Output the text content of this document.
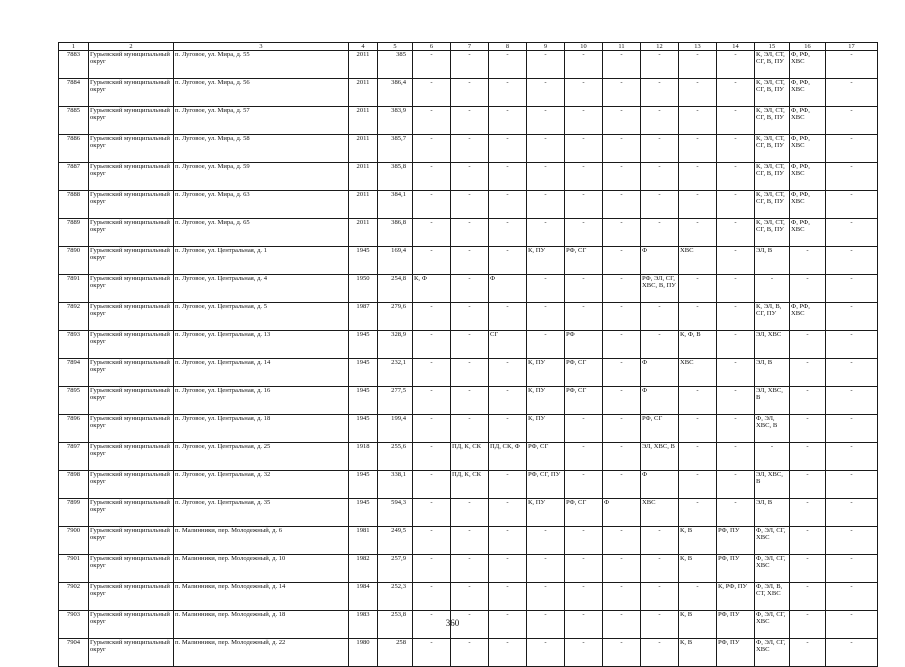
1	2	3	4	5	6	7	8	9	10	11	12	13	14	15	16	17
7883	Гурьевский муниципальный округ	п. Луговое, ул. Мира, д. 55	2011	385	-	-	-	-	-	-	-	-	-	К, ЭЛ, СТ, СГ, В, ПУ	Ф, РФ, ХВС	-
7884	Гурьевский муниципальный округ	п. Луговое, ул. Мира, д. 56	2011	386,4	-	-	-	-	-	-	-	-	-	К, ЭЛ, СТ, СГ, В, ПУ	Ф, РФ, ХВС	-
7885	Гурьевский муниципальный округ	п. Луговое, ул. Мира, д. 57	2011	383,9	-	-	-	-	-	-	-	-	-	К, ЭЛ, СТ, СГ, В, ПУ	Ф, РФ, ХВС	-
7886	Гурьевский муниципальный округ	п. Луговое, ул. Мира, д. 58	2011	385,7	-	-	-	-	-	-	-	-	-	К, ЭЛ, СТ, СГ, В, ПУ	Ф, РФ, ХВС	-
7887	Гурьевский муниципальный округ	п. Луговое, ул. Мира, д. 59	2011	385,8	-	-	-	-	-	-	-	-	-	К, ЭЛ, СТ, СГ, В, ПУ	Ф, РФ, ХВС	-
7888	Гурьевский муниципальный округ	п. Луговое, ул. Мира, д. 63	2011	384,1	-	-	-	-	-	-	-	-	-	К, ЭЛ, СТ, СГ, В, ПУ	Ф, РФ, ХВС	-
7889	Гурьевский муниципальный округ	п. Луговое, ул. Мира, д. 65	2011	386,8	-	-	-	-	-	-	-	-	-	К, ЭЛ, СТ, СГ, В, ПУ	Ф, РФ, ХВС	-
7890	Гурьевский муниципальный округ	п. Луговое, ул. Центральная, д. 1	1945	169,4	-	-	-	К, ПУ	РФ, СГ	-	Ф	ХВС	-	ЭЛ, В	-	-
7891	Гурьевский муниципальный округ	п. Луговое, ул. Центральная, д. 4	1950	254,8	К, Ф	-	Ф	-	-	-	РФ, ЭЛ, СГ, ХВС, В, ПУ	-	-	-	-	-
7892	Гурьевский муниципальный округ	п. Луговое, ул. Центральная, д. 5	1987	279,6	-	-	-	-	-	-	-	-	-	К, ЭЛ, В, СГ, ПУ	Ф, РФ, ХВС	-
7893	Гурьевский муниципальный округ	п. Луговое, ул. Центральная, д. 13	1945	328,9	-	-	СГ	-	РФ	-	-	К, Ф, В	-	ЭЛ, ХВС	-	-
7894	Гурьевский муниципальный округ	п. Луговое, ул. Центральная, д. 14	1945	232,1	-	-	-	К, ПУ	РФ, СГ	-	Ф	ХВС	-	ЭЛ, В	-	-
7895	Гурьевский муниципальный округ	п. Луговое, ул. Центральная, д. 16	1945	277,5	-	-	-	К, ПУ	РФ, СГ	-	Ф	-	-	ЭЛ, ХВС, В	-	-
7896	Гурьевский муниципальный округ	п. Луговое, ул. Центральная, д. 18	1945	199,4	-	-	-	К, ПУ	-	-	РФ, СГ	-	-	Ф, ЭЛ, ХВС, В	-	-
7897	Гурьевский муниципальный округ	п. Луговое, ул. Центральная, д. 25	1918	255,6	-	ПД, К, СК	ПД, СК, Ф	РФ, СГ	-	-	ЭЛ, ХВС, В	-	-	-	-	-
7898	Гурьевский муниципальный округ	п. Луговое, ул. Центральная, д. 32	1945	338,1	-	ПД, К, СК	-	РФ, СГ, ПУ	-	-	Ф	-	-	ЭЛ, ХВС, В	-	-
7899	Гурьевский муниципальный округ	п. Луговое, ул. Центральная, д. 35	1945	594,3	-	-	-	К, ПУ	РФ, СГ	Ф	ХВС	-	-	ЭЛ, В	-	-
7900	Гурьевский муниципальный округ	п. Малинники, пер. Молодежный, д. 6	1981	249,5	-	-	-	-	-	-	-	К, В	РФ, ПУ	Ф, ЭЛ, СГ, ХВС	-	-
7901	Гурьевский муниципальный округ	п. Малинники, пер. Молодежный, д. 10	1982	257,9	-	-	-	-	-	-	-	К, В	РФ, ПУ	Ф, ЭЛ, СГ, ХВС	-	-
7902	Гурьевский муниципальный округ	п. Малинники, пер. Молодежный, д. 14	1984	252,3	-	-	-	-	-	-	-	-	К, РФ, ПУ	Ф, ЭЛ, В, СТ, ХВС	-	-
7903	Гурьевский муниципальный округ	п. Малинники, пер. Молодежный, д. 18	1983	253,8	-	-	-	-	-	-	-	К, В	РФ, ПУ	Ф, ЭЛ, СГ, ХВС	-	-
7904	Гурьевский муниципальный округ	п. Малинники, пер. Молодежный, д. 22	1980	258	-	-	-	-	-	-	-	К, В	РФ, ПУ	Ф, ЭЛ, СГ, ХВС	-	-
360
